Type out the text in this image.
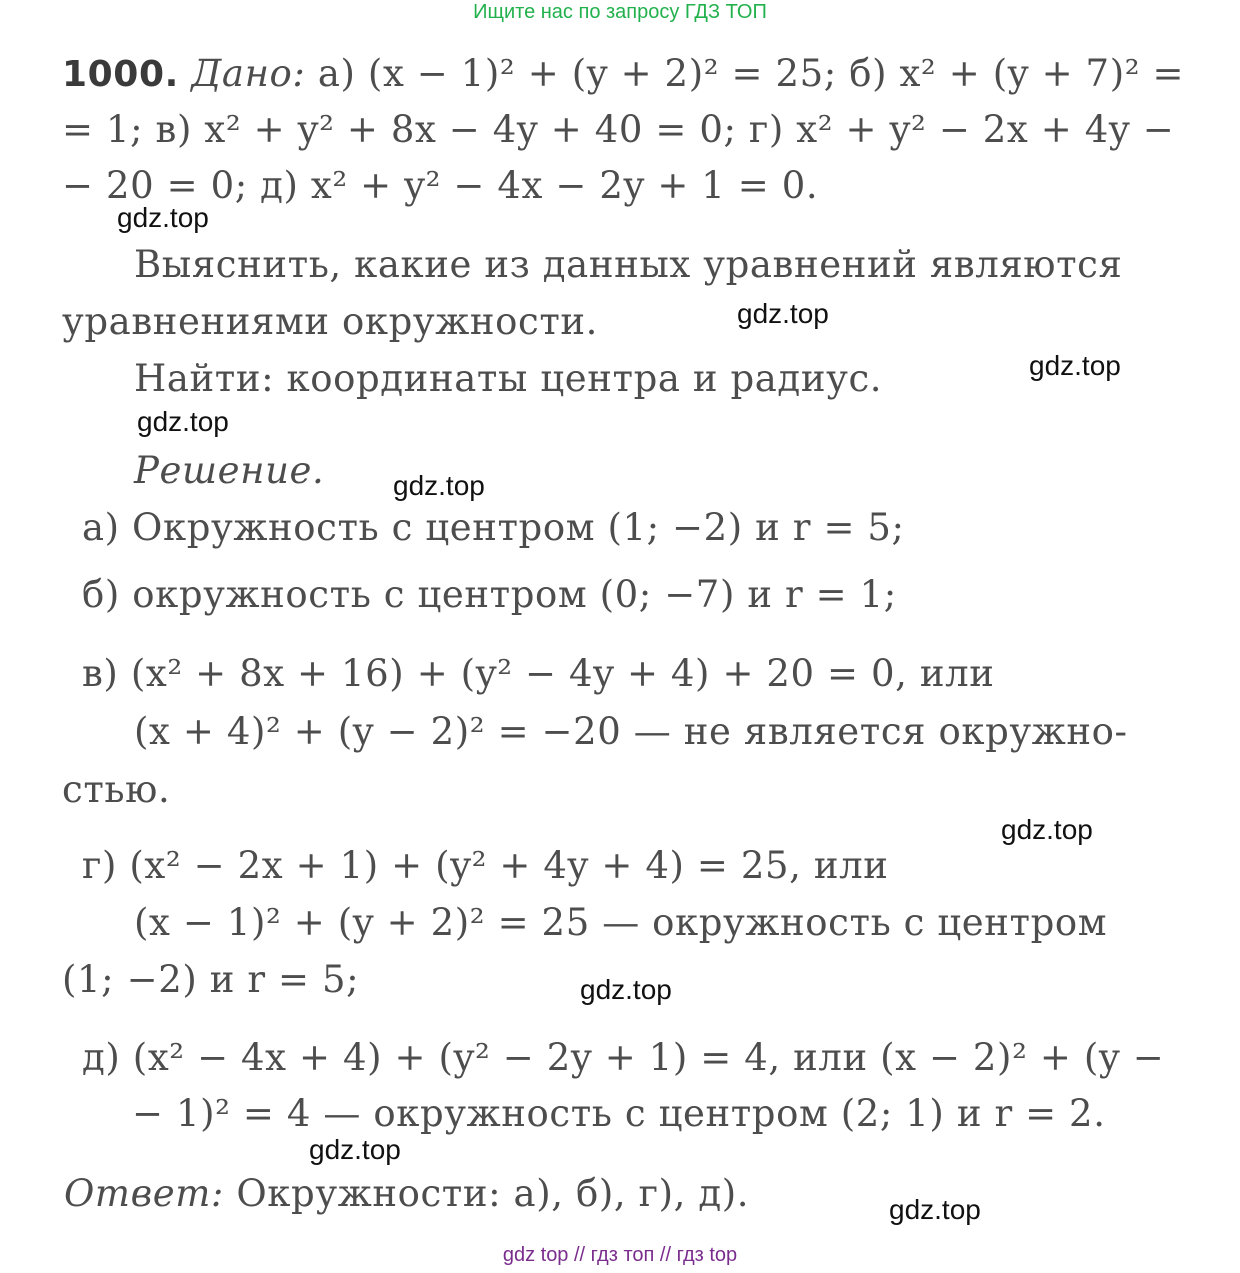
Ищите нас по запросу ГДЗ ТОП
1000. Дано: а) (x − 1)² + (y + 2)² = 25; б) x² + (y + 7)² =
= 1; в) x² + y² + 8x − 4y + 40 = 0; г) x² + y² − 2x + 4y −
− 20 = 0; д) x² + y² − 4x − 2y + 1 = 0.
Выяснить, какие из данных уравнений являются
уравнениями окружности.
Найти: координаты центра и радиус.
Решение.
а) Окружность с центром (1; −2) и r = 5;
б) окружность с центром (0; −7) и r = 1;
в) (x² + 8x + 16) + (y² − 4y + 4) + 20 = 0, или
(x + 4)² + (y − 2)² = −20 — не является окружно-
стью.
г) (x² − 2x + 1) + (y² + 4y + 4) = 25, или
(x − 1)² + (y + 2)² = 25 — окружность с центром
(1; −2) и r = 5;
д) (x² − 4x + 4) + (y² − 2y + 1) = 4, или (x − 2)² + (y −
− 1)² = 4 — окружность с центром (2; 1) и r = 2.
Ответ: Окружности: а), б), г), д).
gdz.top
gdz.top
gdz.top
gdz.top
gdz.top
gdz.top
gdz.top
gdz.top
gdz.top
gdz top // гдз топ // гдз top
